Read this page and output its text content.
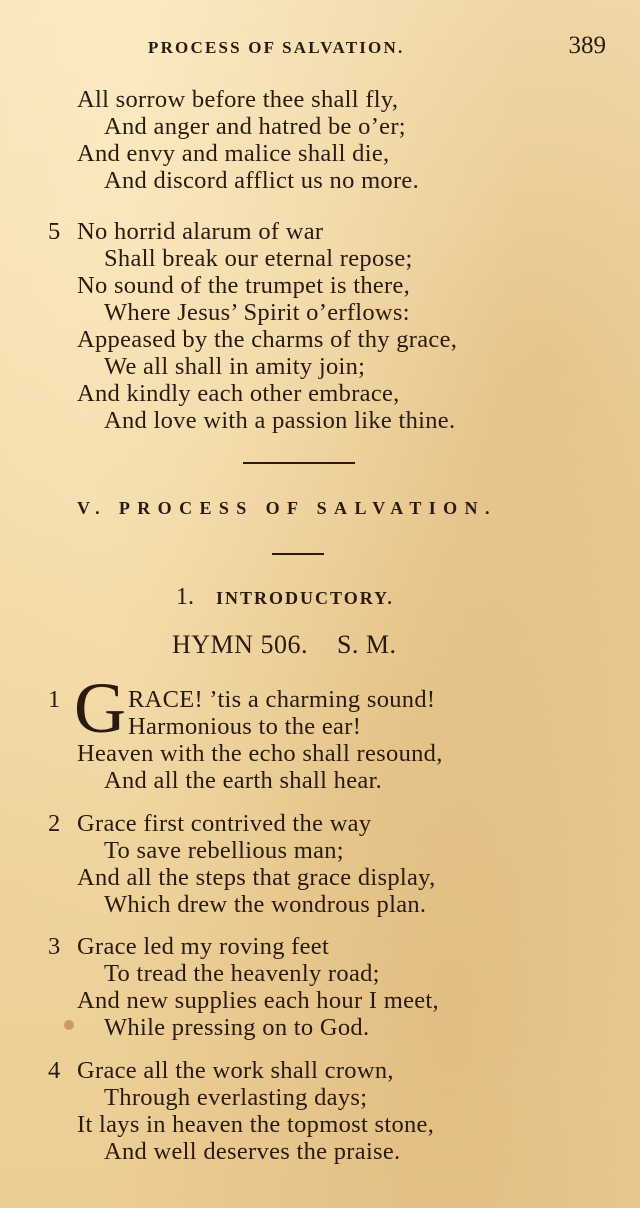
PROCESS OF SALVATION.	389
All sorrow before thee shall fly,
And anger and hatred be o’er;
And envy and malice shall die,
And discord afflict us no more.
5 No horrid alarum of war
Shall break our eternal repose;
No sound of the trumpet is there,
Where Jesus’ Spirit o’erflows:
Appeased by the charms of thy grace,
We all shall in amity join;
And kindly each other embrace,
And love with a passion like thine.
V. PROCESS OF SALVATION.
1. INTRODUCTORY.
HYMN 506. S. M.
1 G RACE! ’tis a charming sound!
Harmonious to the ear!
Heaven with the echo shall resound,
And all the earth shall hear.
2 Grace first contrived the way
To save rebellious man;
And all the steps that grace display,
Which drew the wondrous plan.
3 Grace led my roving feet
To tread the heavenly road;
And new supplies each hour I meet,
While pressing on to God.
4 Grace all the work shall crown,
Through everlasting days;
It lays in heaven the topmost stone,
And well deserves the praise.
